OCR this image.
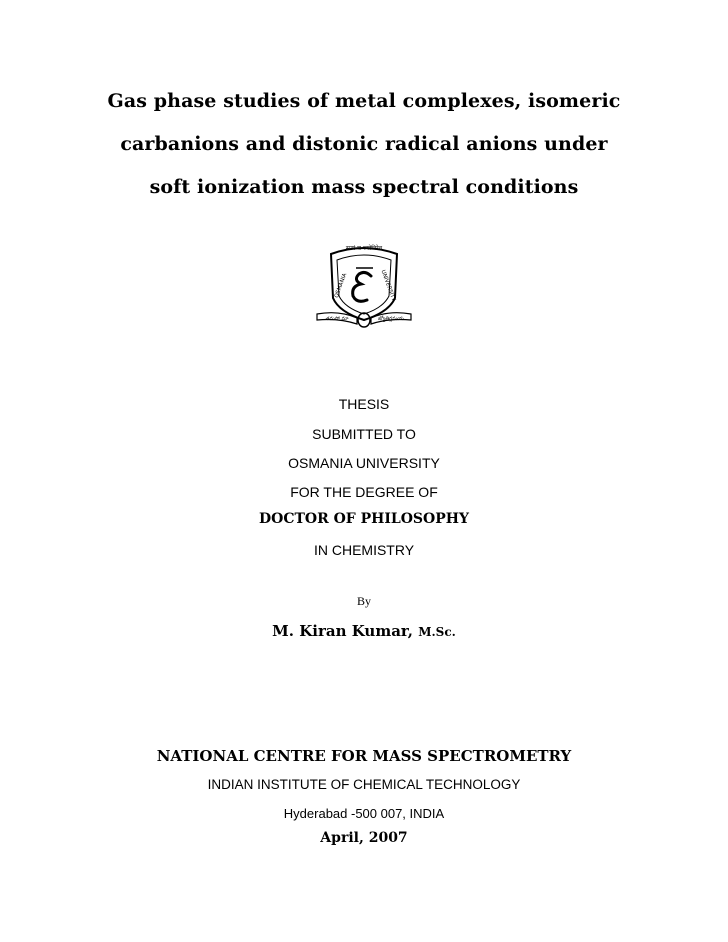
Gas phase studies of metal complexes, isomeric
carbanions and distonic radical anions under
soft ionization mass spectral conditions
सत्यं च ज्योतिरेव
OSMANIA	UNIVERSITY
తమసో మా	జ్యోతిర్గమయ
THESIS
SUBMITTED TO
OSMANIA UNIVERSITY
FOR THE DEGREE OF
DOCTOR OF PHILOSOPHY
IN CHEMISTRY
By
M. Kiran Kumar, M.Sc.
NATIONAL CENTRE FOR MASS SPECTROMETRY
INDIAN INSTITUTE OF CHEMICAL TECHNOLOGY
Hyderabad -500 007, INDIA
April, 2007
